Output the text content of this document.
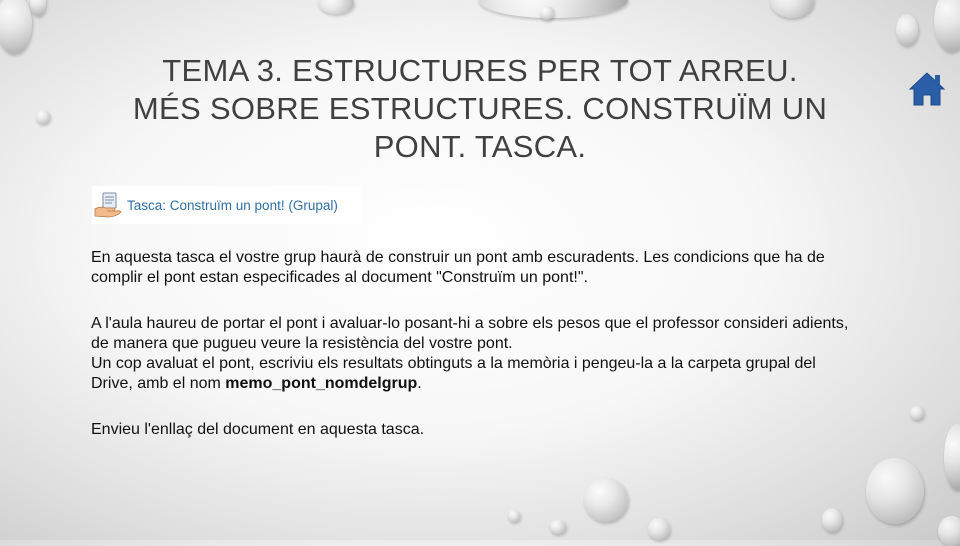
TEMA 3. ESTRUCTURES PER TOT ARREU.
MÉS SOBRE ESTRUCTURES. CONSTRUÏM UN
PONT. TASCA.
Tasca: Construïm un pont! (Grupal)

En aquesta tasca el vostre grup haurà de construir un pont amb escuradents. Les condicions que ha de complir el pont estan especificades al document "Construïm un pont!".

A l'aula haureu de portar el pont i avaluar-lo posant-hi a sobre els pesos que el professor consideri adients, de manera que pugueu veure la resistència del vostre pont.

Un cop avaluat el pont, escriviu els resultats obtinguts a la memòria i pengeu-la a la carpeta grupal del Drive, amb el nom memo_pont_nomdelgrup.

Envieu l'enllaç del document en aquesta tasca.
